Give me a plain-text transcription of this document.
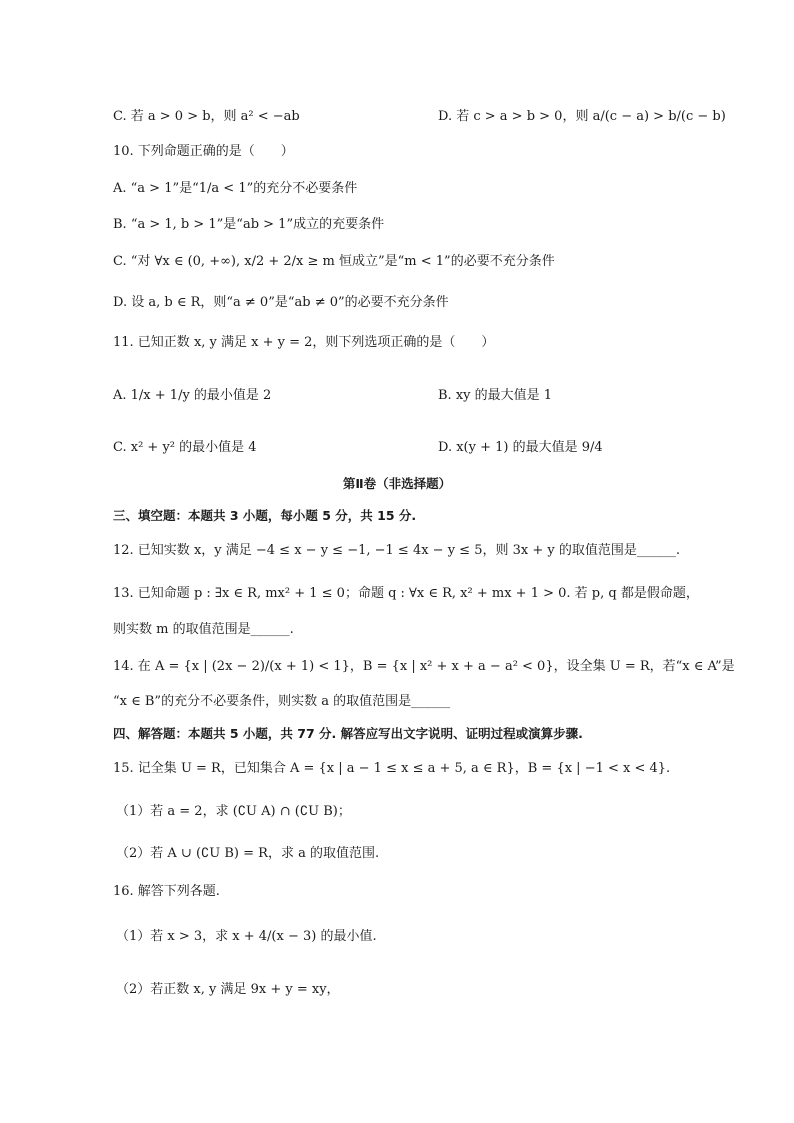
C. 若 a > 0 > b，则 a² < −ab	D. 若 c > a > b > 0，则 a/(c − a) > b/(c − b)
10. 下列命题正确的是（　　）
A. “a > 1”是“1/a < 1”的充分不必要条件
B. “a > 1, b > 1”是“ab > 1”成立的充要条件
C. “对 ∀x ∈ (0, +∞), x/2 + 2/x ≥ m 恒成立”是“m < 1”的必要不充分条件
D. 设 a, b ∈ R，则“a ≠ 0”是“ab ≠ 0”的必要不充分条件
11. 已知正数 x, y 满足 x + y = 2，则下列选项正确的是（　　）
A. 1/x + 1/y 的最小值是 2	B. xy 的最大值是 1
C. x² + y² 的最小值是 4	D. x(y + 1) 的最大值是 9/4
第Ⅱ卷（非选择题）
三、填空题：本题共 3 小题，每小题 5 分，共 15 分.
12. 已知实数 x，y 满足 −4 ≤ x − y ≤ −1, −1 ≤ 4x − y ≤ 5，则 3x + y 的取值范围是______.
13. 已知命题 p : ∃x ∈ R, mx² + 1 ≤ 0；命题 q : ∀x ∈ R, x² + mx + 1 > 0. 若 p, q 都是假命题，
则实数 m 的取值范围是______.
14. 在 A = {x | (2x − 2)/(x + 1) < 1}，B = {x | x² + x + a − a² < 0}，设全集 U = R，若“x ∈ A”是
“x ∈ B”的充分不必要条件，则实数 a 的取值范围是______
四、解答题：本题共 5 小题，共 77 分. 解答应写出文字说明、证明过程或演算步骤.
15. 记全集 U = R，已知集合 A = {x | a − 1 ≤ x ≤ a + 5, a ∈ R}，B = {x | −1 < x < 4}.
（1）若 a = 2，求 (∁U A) ∩ (∁U B)；
（2）若 A ∪ (∁U B) = R，求 a 的取值范围.
16. 解答下列各题.
（1）若 x > 3，求 x + 4/(x − 3) 的最小值.
（2）若正数 x, y 满足 9x + y = xy，
